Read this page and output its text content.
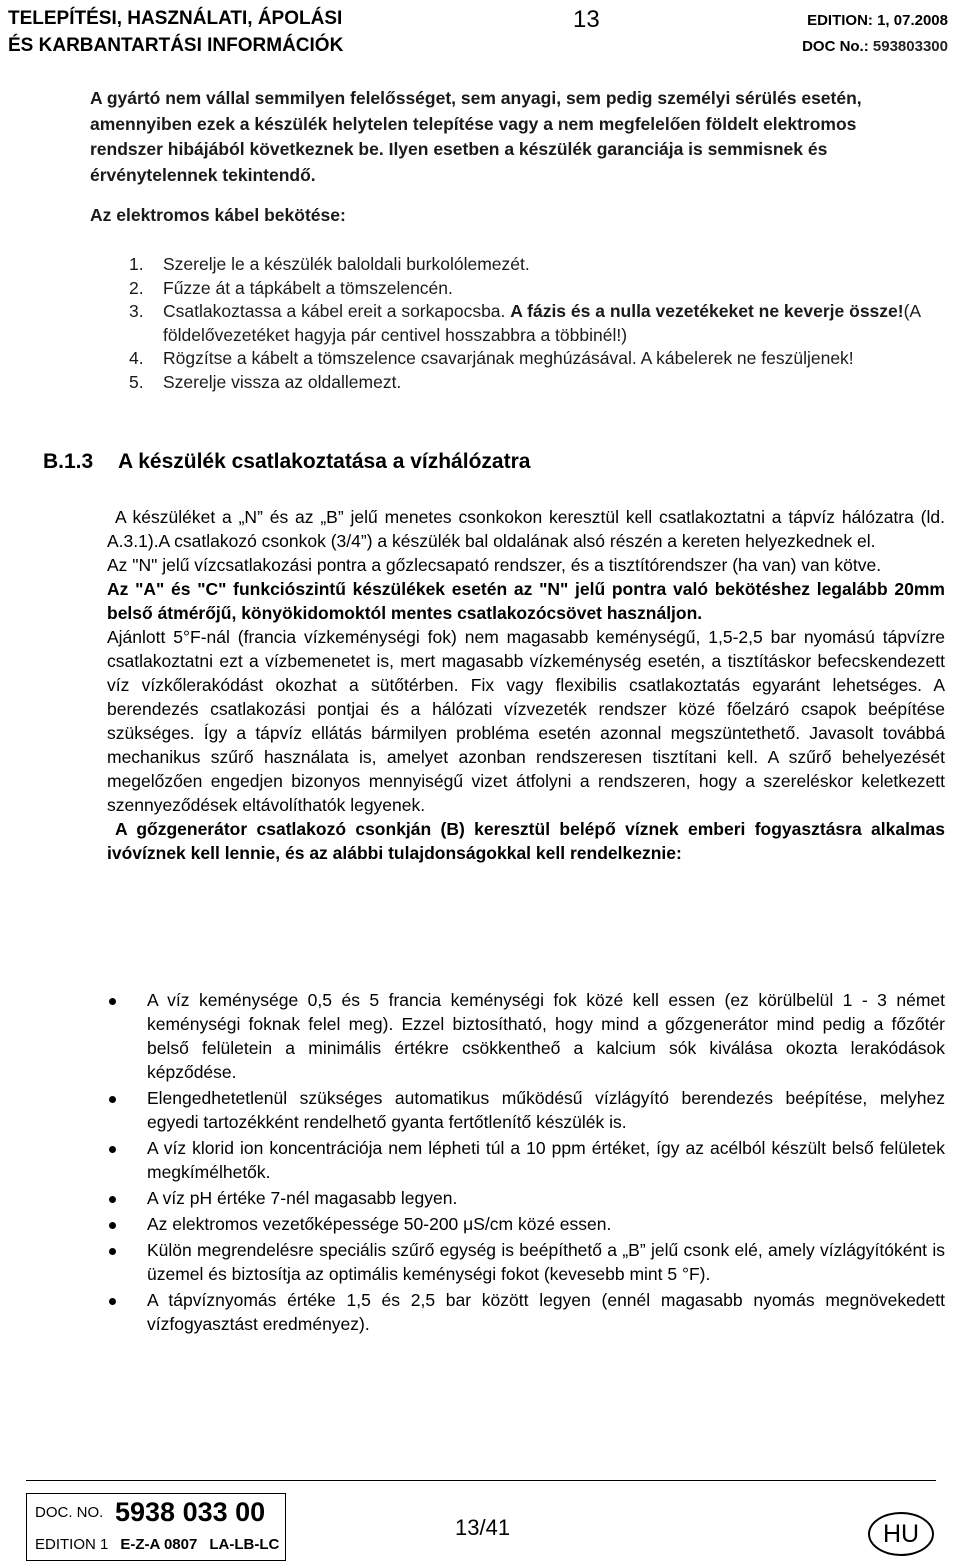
TELEPÍTÉSI, HASZNÁLATI, ÁPOLÁSI
ÉS KARBANTARTÁSI INFORMÁCIÓK
13	EDITION: 1, 07.2008
DOC No.: 593803300
A gyártó nem vállal semmilyen felelősséget, sem anyagi, sem pedig személyi sérülés esetén, amennyiben ezek a készülék helytelen telepítése vagy a nem megfelelően földelt elektromos rendszer hibájából következnek be. Ilyen esetben a készülék garanciája is semmisnek és érvénytelennek tekintendő.
Az elektromos kábel bekötése:
1. Szerelje le a készülék baloldali burkolólemezét.
2. Fűzze át a tápkábelt a tömszelencén.
3. Csatlakoztassa a kábel ereit a sorkapocsba. A fázis és a nulla vezetékeket ne keverje össze!(A földelővezetéket hagyja pár centivel hosszabbra a többinél!)
4. Rögzítse a kábelt a tömszelence csavarjának meghúzásával. A kábelerek ne feszüljenek!
5. Szerelje vissza az oldallemezt.
B.1.3 A készülék csatlakoztatása a vízhálózatra

A készüléket a „N” és az „B” jelű menetes csonkokon keresztül kell csatlakoztatni a tápvíz hálózatra (ld. A.3.1).A csatlakozó csonkok (3/4”) a készülék bal oldalának alsó részén a kereten helyezkednek el.

Az "N" jelű vízcsatlakozási pontra a gőzlecsapató rendszer, és a tisztítórendszer (ha van) van kötve.

Az "A" és "C" funkciószintű készülékek esetén az "N" jelű pontra való bekötéshez legalább 20mm belső átmérőjű, könyökidomoktól mentes csatlakozócsövet használjon.

Ajánlott 5°F-nál (francia vízkeménységi fok) nem magasabb keménységű, 1,5-2,5 bar nyomású tápvízre csatlakoztatni ezt a vízbemenetet is, mert magasabb vízkeménység esetén, a tisztításkor befecskendezett víz vízkőlerakódást okozhat a sütőtérben. Fix vagy flexibilis csatlakoztatás egyaránt lehetséges. A berendezés csatlakozási pontjai és a hálózati vízvezeték rendszer közé főelzáró csapok beépítése szükséges. Így a tápvíz ellátás bármilyen probléma esetén azonnal megszüntethető. Javasolt továbbá mechanikus szűrő használata is, amelyet azonban rendszeresen tisztítani kell. A szűrő behelyezését megelőzően engedjen bizonyos mennyiségű vizet átfolyni a rendszeren, hogy a szereléskor keletkezett szennyeződések eltávolíthatók legyenek.

A gőzgenerátor csatlakozó csonkján (B) keresztül belépő víznek emberi fogyasztásra alkalmas ivóvíznek kell lennie, és az alábbi tulajdonságokkal kell rendelkeznie:

A víz keménysége 0,5 és 5 francia keménységi fok közé kell essen (ez körülbelül 1 - 3 német keménységi foknak felel meg). Ezzel biztosítható, hogy mind a gőzgenerátor mind pedig a főzőtér belső felületein a minimális értékre csökkentheő a kalcium sók kiválása okozta lerakódások képződése.
Elengedhetetlenül szükséges automatikus működésű vízlágyító berendezés beépítése, melyhez egyedi tartozékként rendelhető gyanta fertőtlenítő készülék is.
A víz klorid ion koncentrációja nem lépheti túl a 10 ppm értéket, így az acélból készült belső felületek megkímélhetők.
A víz pH értéke 7-nél magasabb legyen.
Az elektromos vezetőképessége 50-200 μS/cm közé essen.
Külön megrendelésre speciális szűrő egység is beépíthető a „B” jelű csonk elé, amely vízlágyítóként is üzemel és biztosítja az optimális keménységi fokot (kevesebb mint 5 °F).
A tápvíznyomás értéke 1,5 és 2,5 bar között legyen (ennél magasabb nyomás megnövekedett vízfogyasztást eredményez).
DOC. NO. 5938 033 00
EDITION 1 E-Z-A 0807 LA-LB-LC
13/41	HU
